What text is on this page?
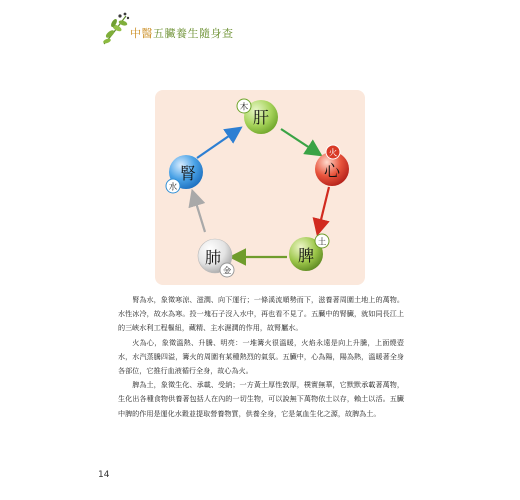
中醫五臟養生隨身查
肝
木
心
火
脾
土
肺
金
腎
水

腎為水，象徵寒涼、滋潤、向下運行；一條溪流順勢而下，滋養著周圍土地上的萬物。水性冰冷，故水為寒。投一塊石子沒入水中，再也看不見了。五臟中的腎臟，就如同長江上的三峽水利工程樞紐，藏精、主水濕潤的作用，故腎屬水。

火為心，象徵溫熱、升騰、明亮：一堆篝火很溫暖，火焰永遠是向上升騰，上面燒壺水，水汽蒸騰四溢，篝火的周圍有某種熱烈的氣氛。五臟中，心為陽，陽為熱，溫暖著全身各部位，它推行血液循行全身，故心為火。

脾為土，象徵生化、承載、受納；一方黃土厚性敦厚，樸實無華，它默默承載著萬物，生化出各種食物供養著包括人在內的一切生物，可以說無下萬物依土以存，賴土以活。五臟中脾的作用是運化水穀並提取營養物質，供養全身，它是氣血生化之源，故脾為土。

14
